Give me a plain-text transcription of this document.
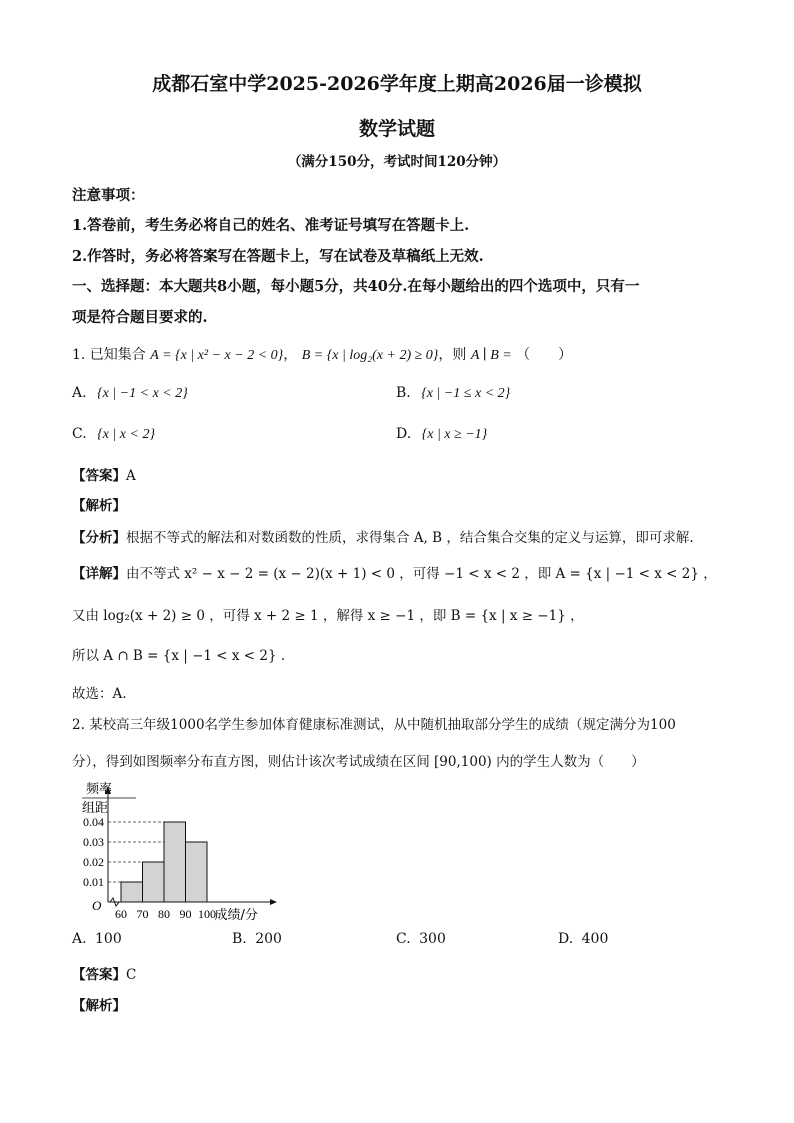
成都石室中学2025-2026学年度上期高2026届一诊模拟
数学试题
（满分150分，考试时间120分钟）
注意事项：
1.答卷前，考生务必将自己的姓名、准考证号填写在答题卡上.
2.作答时，务必将答案写在答题卡上，写在试卷及草稿纸上无效.
一、选择题：本大题共8小题，每小题5分，共40分.在每小题给出的四个选项中，只有一
项是符合题目要求的.
1. 已知集合 A = {x | x² − x − 2 < 0}， B = {x | log₂(x + 2) ≥ 0}，则 A ∣ B = （　　）
A. {x | −1 < x < 2}	B. {x | −1 ≤ x < 2}
C. {x | x < 2}	D. {x | x ≥ −1}
【答案】A
【解析】
【分析】根据不等式的解法和对数函数的性质，求得集合 A, B ，结合集合交集的定义与运算，即可求解.
【详解】由不等式 x² − x − 2 = (x − 2)(x + 1) < 0 ，可得 −1 < x < 2 ，即 A = {x | −1 < x < 2} ，
又由 log₂(x + 2) ≥ 0 ，可得 x + 2 ≥ 1 ，解得 x ≥ −1 ，即 B = {x | x ≥ −1} ，
所以 A ∩ B = {x | −1 < x < 2} .
故选：A.
2. 某校高三年级1000名学生参加体育健康标准测试，从中随机抽取部分学生的成绩（规定满分为100
分），得到如图频率分布直方图，则估计该次考试成绩在区间 [90,100) 内的学生人数为（　　）
频率
组距
0.01
0.02
0.03
0.04
60 70 80 90 100
O
成绩/分
A. 100	B. 200	C. 300	D. 400
【答案】C
【解析】
